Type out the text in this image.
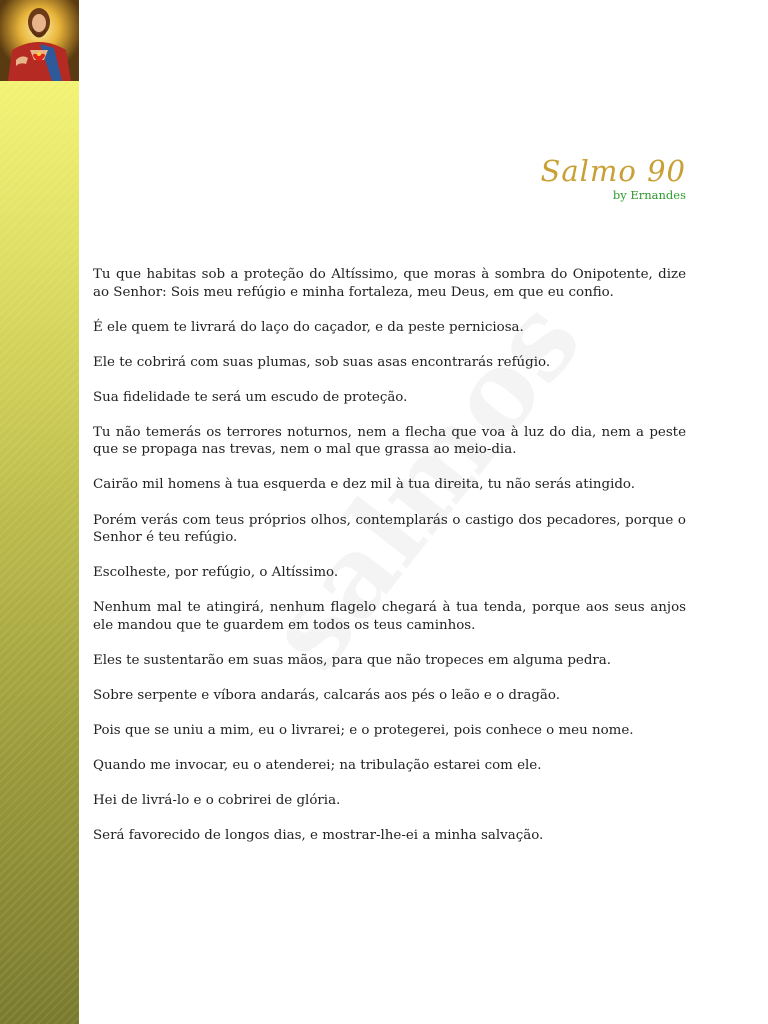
Salmo 90
by Ernandes

Tu que habitas sob a proteção do Altíssimo, que moras à sombra do Onipotente, dize ao Senhor: Sois meu refúgio e minha fortaleza, meu Deus, em que eu confio.

É ele quem te livrará do laço do caçador, e da peste perniciosa.

Ele te cobrirá com suas plumas, sob suas asas encontrarás refúgio.

Sua fidelidade te será um escudo de proteção.

Tu não temerás os terrores noturnos, nem a flecha que voa à luz do dia, nem a peste que se propaga nas trevas, nem o mal que grassa ao meio-dia.

Cairão mil homens à tua esquerda e dez mil à tua direita, tu não serás atingido.

Porém verás com teus próprios olhos, contemplarás o castigo dos pecadores, porque o Senhor é teu refúgio.

Escolheste, por refúgio, o Altíssimo.

Nenhum mal te atingirá, nenhum flagelo chegará à tua tenda, porque aos seus anjos ele mandou que te guardem em todos os teus caminhos.

Eles te sustentarão em suas mãos, para que não tropeces em alguma pedra.

Sobre serpente e víbora andarás, calcarás aos pés o leão e o dragão.

Pois que se uniu a mim, eu o livrarei; e o protegerei, pois conhece o meu nome.

Quando me invocar, eu o atenderei; na tribulação estarei com ele.

Hei de livrá-lo e o cobrirei de glória.

Será favorecido de longos dias, e mostrar-lhe-ei a minha salvação.
